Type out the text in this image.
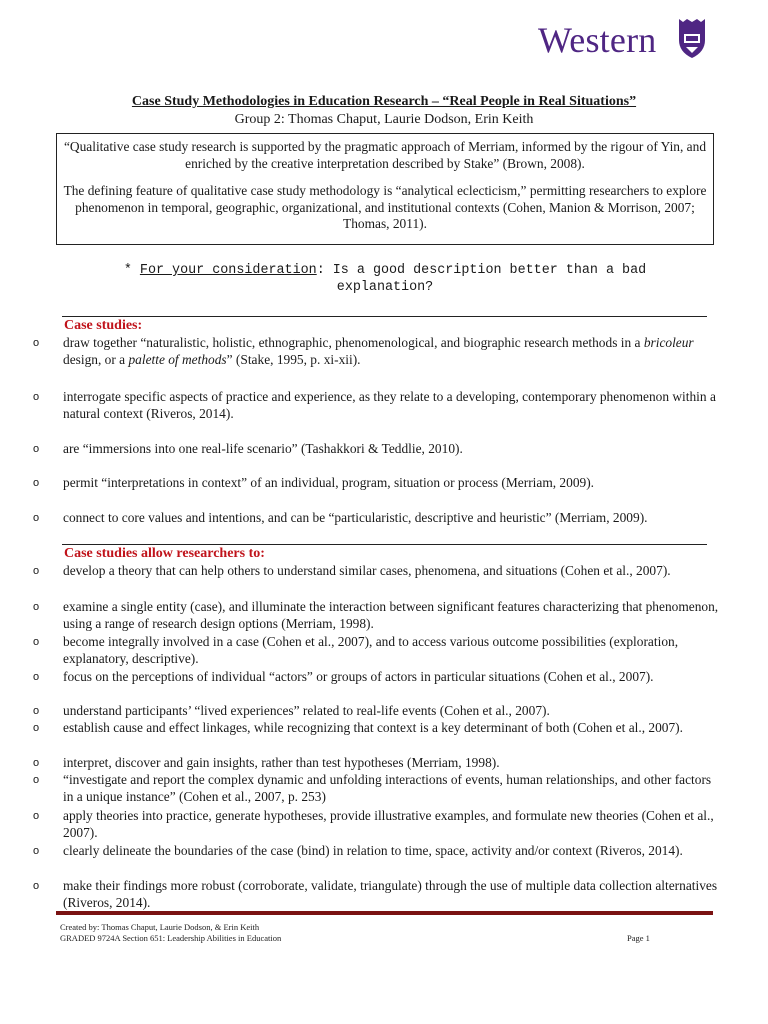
Western
Case Study Methodologies in Education Research – “Real People in Real Situations”
Group 2: Thomas Chaput, Laurie Dodson, Erin Keith

“Qualitative case study research is supported by the pragmatic approach of Merriam, informed by the rigour of Yin, and enriched by the creative interpretation described by Stake” (Brown, 2008).

The defining feature of qualitative case study methodology is “analytical eclecticism,” permitting researchers to explore phenomenon in temporal, geographic, organizational, and institutional contexts (Cohen, Manion & Morrison, 2007; Thomas, 2011).

* For your consideration: Is a good description better than a bad explanation?
Case studies:
o draw together “naturalistic, holistic, ethnographic, phenomenological, and biographic research methods in a bricoleur design, or a palette of methods” (Stake, 1995, p. xi-xii).
o interrogate specific aspects of practice and experience, as they relate to a developing, contemporary phenomenon within a natural context (Riveros, 2014).
o are “immersions into one real-life scenario” (Tashakkori & Teddlie, 2010).
o permit “interpretations in context” of an individual, program, situation or process (Merriam, 2009).
o connect to core values and intentions, and can be “particularistic, descriptive and heuristic” (Merriam, 2009).
Case studies allow researchers to:
o develop a theory that can help others to understand similar cases, phenomena, and situations (Cohen et al., 2007).
o examine a single entity (case), and illuminate the interaction between significant features characterizing that phenomenon, using a range of research design options (Merriam, 1998).
o become integrally involved in a case (Cohen et al., 2007), and to access various outcome possibilities (exploration, explanatory, descriptive).
o focus on the perceptions of individual “actors” or groups of actors in particular situations (Cohen et al., 2007).
o understand participants’ “lived experiences” related to real-life events (Cohen et al., 2007).
o establish cause and effect linkages, while recognizing that context is a key determinant of both (Cohen et al., 2007).
o interpret, discover and gain insights, rather than test hypotheses (Merriam, 1998).
o “investigate and report the complex dynamic and unfolding interactions of events, human relationships, and other factors in a unique instance” (Cohen et al., 2007, p. 253)
o apply theories into practice, generate hypotheses, provide illustrative examples, and formulate new theories (Cohen et al., 2007).
o clearly delineate the boundaries of the case (bind) in relation to time, space, activity and/or context (Riveros, 2014).
o make their findings more robust (corroborate, validate, triangulate) through the use of multiple data collection alternatives (Riveros, 2014).
Created by: Thomas Chaput, Laurie Dodson, & Erin Keith
GRADED 9724A Section 651: Leadership Abilities in Education	Page 1
